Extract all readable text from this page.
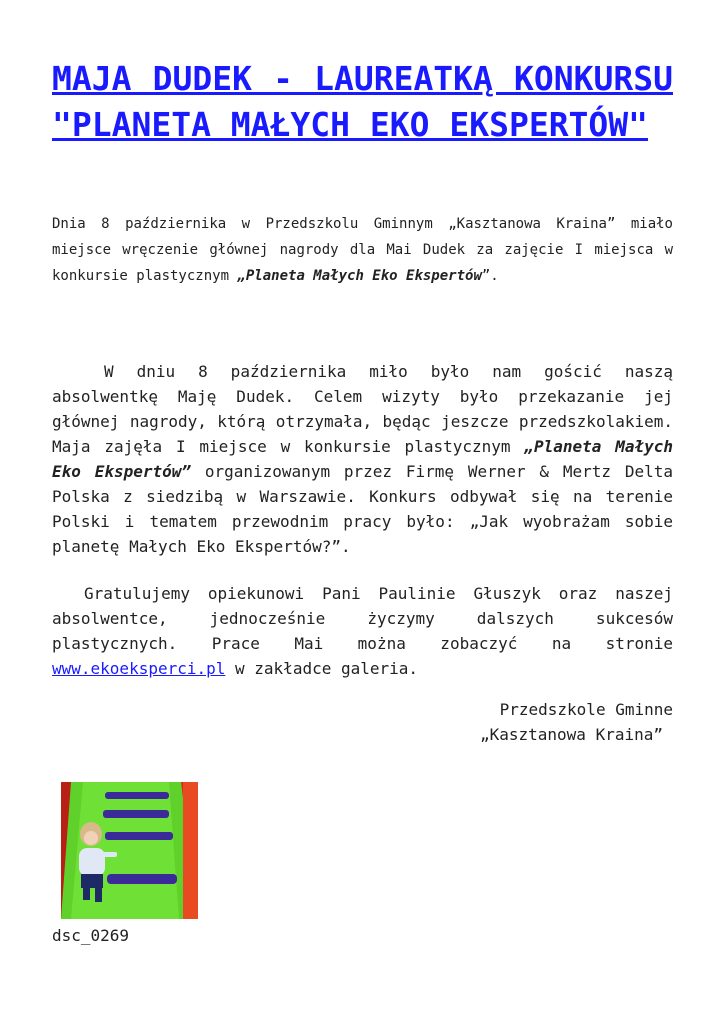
MAJA DUDEK - LAUREATKĄ KONKURSU "PLANETA MAŁYCH EKO EKSPERTÓW"

Dnia 8 października w Przedszkolu Gminnym „Kasztanowa Kraina” miało miejsce wręczenie głównej nagrody dla Mai Dudek za zajęcie I miejsca w konkursie plastycznym „Planeta Małych Eko Ekspertów”.

W dniu 8 października miło było nam gościć naszą absolwentkę Maję Dudek. Celem wizyty było przekazanie jej głównej nagrody, którą otrzymała, będąc jeszcze przedszkolakiem. Maja zajęła I miejsce w konkursie plastycznym „Planeta Małych Eko Ekspertów” organizowanym przez Firmę Werner & Mertz Delta Polska z siedzibą w Warszawie. Konkurs odbywał się na terenie Polski i tematem przewodnim pracy było: „Jak wyobrażam sobie planetę Małych Eko Ekspertów?”.

Gratulujemy opiekunowi Pani Paulinie Głuszyk oraz naszej absolwentce, jednocześnie życzymy dalszych sukcesów plastycznych. Prace Mai można zobaczyć na stronie www.ekoeksperci.pl w zakładce galeria.

Przedszkole Gminne
„Kasztanowa Kraina”

dsc_0269
